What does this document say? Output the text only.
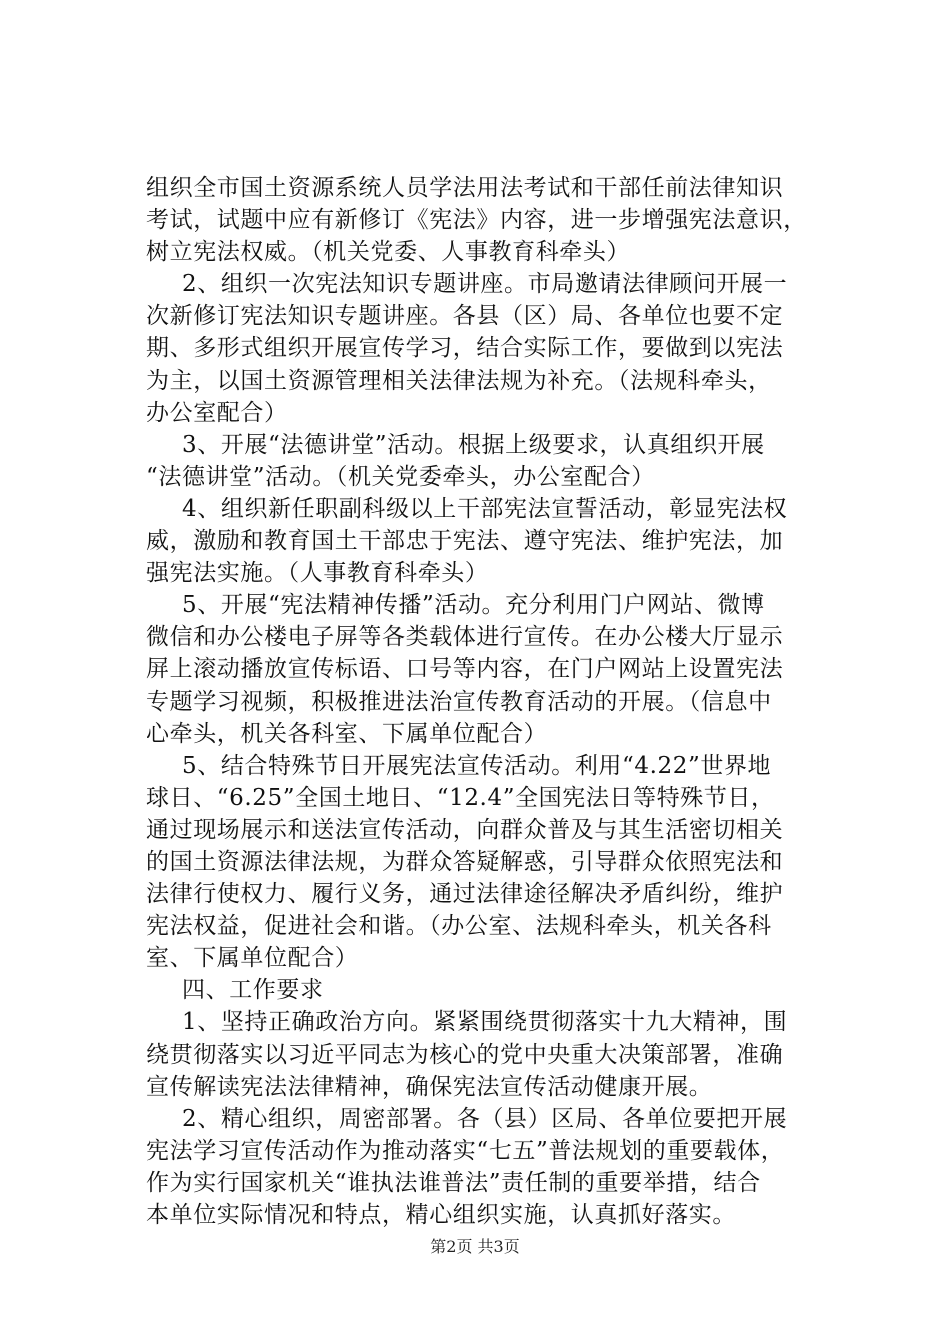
组织全市国土资源系统人员学法用法考试和干部任前法律知识
考试，试题中应有新修订《宪法》内容，进一步增强宪法意识，
树立宪法权威。（机关党委、人事教育科牵头）
2、组织一次宪法知识专题讲座。市局邀请法律顾问开展一
次新修订宪法知识专题讲座。各县（区）局、各单位也要不定
期、多形式组织开展宣传学习，结合实际工作，要做到以宪法
为主，以国土资源管理相关法律法规为补充。（法规科牵头，
办公室配合）
3、开展“法德讲堂”活动。根据上级要求，认真组织开展
“法德讲堂”活动。（机关党委牵头，办公室配合）
4、组织新任职副科级以上干部宪法宣誓活动，彰显宪法权
威，激励和教育国土干部忠于宪法、遵守宪法、维护宪法，加
强宪法实施。（人事教育科牵头）
5、开展“宪法精神传播”活动。充分利用门户网站、微博
微信和办公楼电子屏等各类载体进行宣传。在办公楼大厅显示
屏上滚动播放宣传标语、口号等内容，在门户网站上设置宪法
专题学习视频，积极推进法治宣传教育活动的开展。（信息中
心牵头，机关各科室、下属单位配合）
5、结合特殊节日开展宪法宣传活动。利用“4.22”世界地
球日、“6.25”全国土地日、“12.4”全国宪法日等特殊节日，
通过现场展示和送法宣传活动，向群众普及与其生活密切相关
的国土资源法律法规，为群众答疑解惑，引导群众依照宪法和
法律行使权力、履行义务，通过法律途径解决矛盾纠纷，维护
宪法权益，促进社会和谐。（办公室、法规科牵头，机关各科
室、下属单位配合）
四、工作要求
1、坚持正确政治方向。紧紧围绕贯彻落实十九大精神，围
绕贯彻落实以习近平同志为核心的党中央重大决策部署，准确
宣传解读宪法法律精神，确保宪法宣传活动健康开展。
2、精心组织，周密部署。各（县）区局、各单位要把开展
宪法学习宣传活动作为推动落实“七五”普法规划的重要载体，
作为实行国家机关“谁执法谁普法”责任制的重要举措，结合
本单位实际情况和特点，精心组织实施，认真抓好落实。
第2页 共3页
